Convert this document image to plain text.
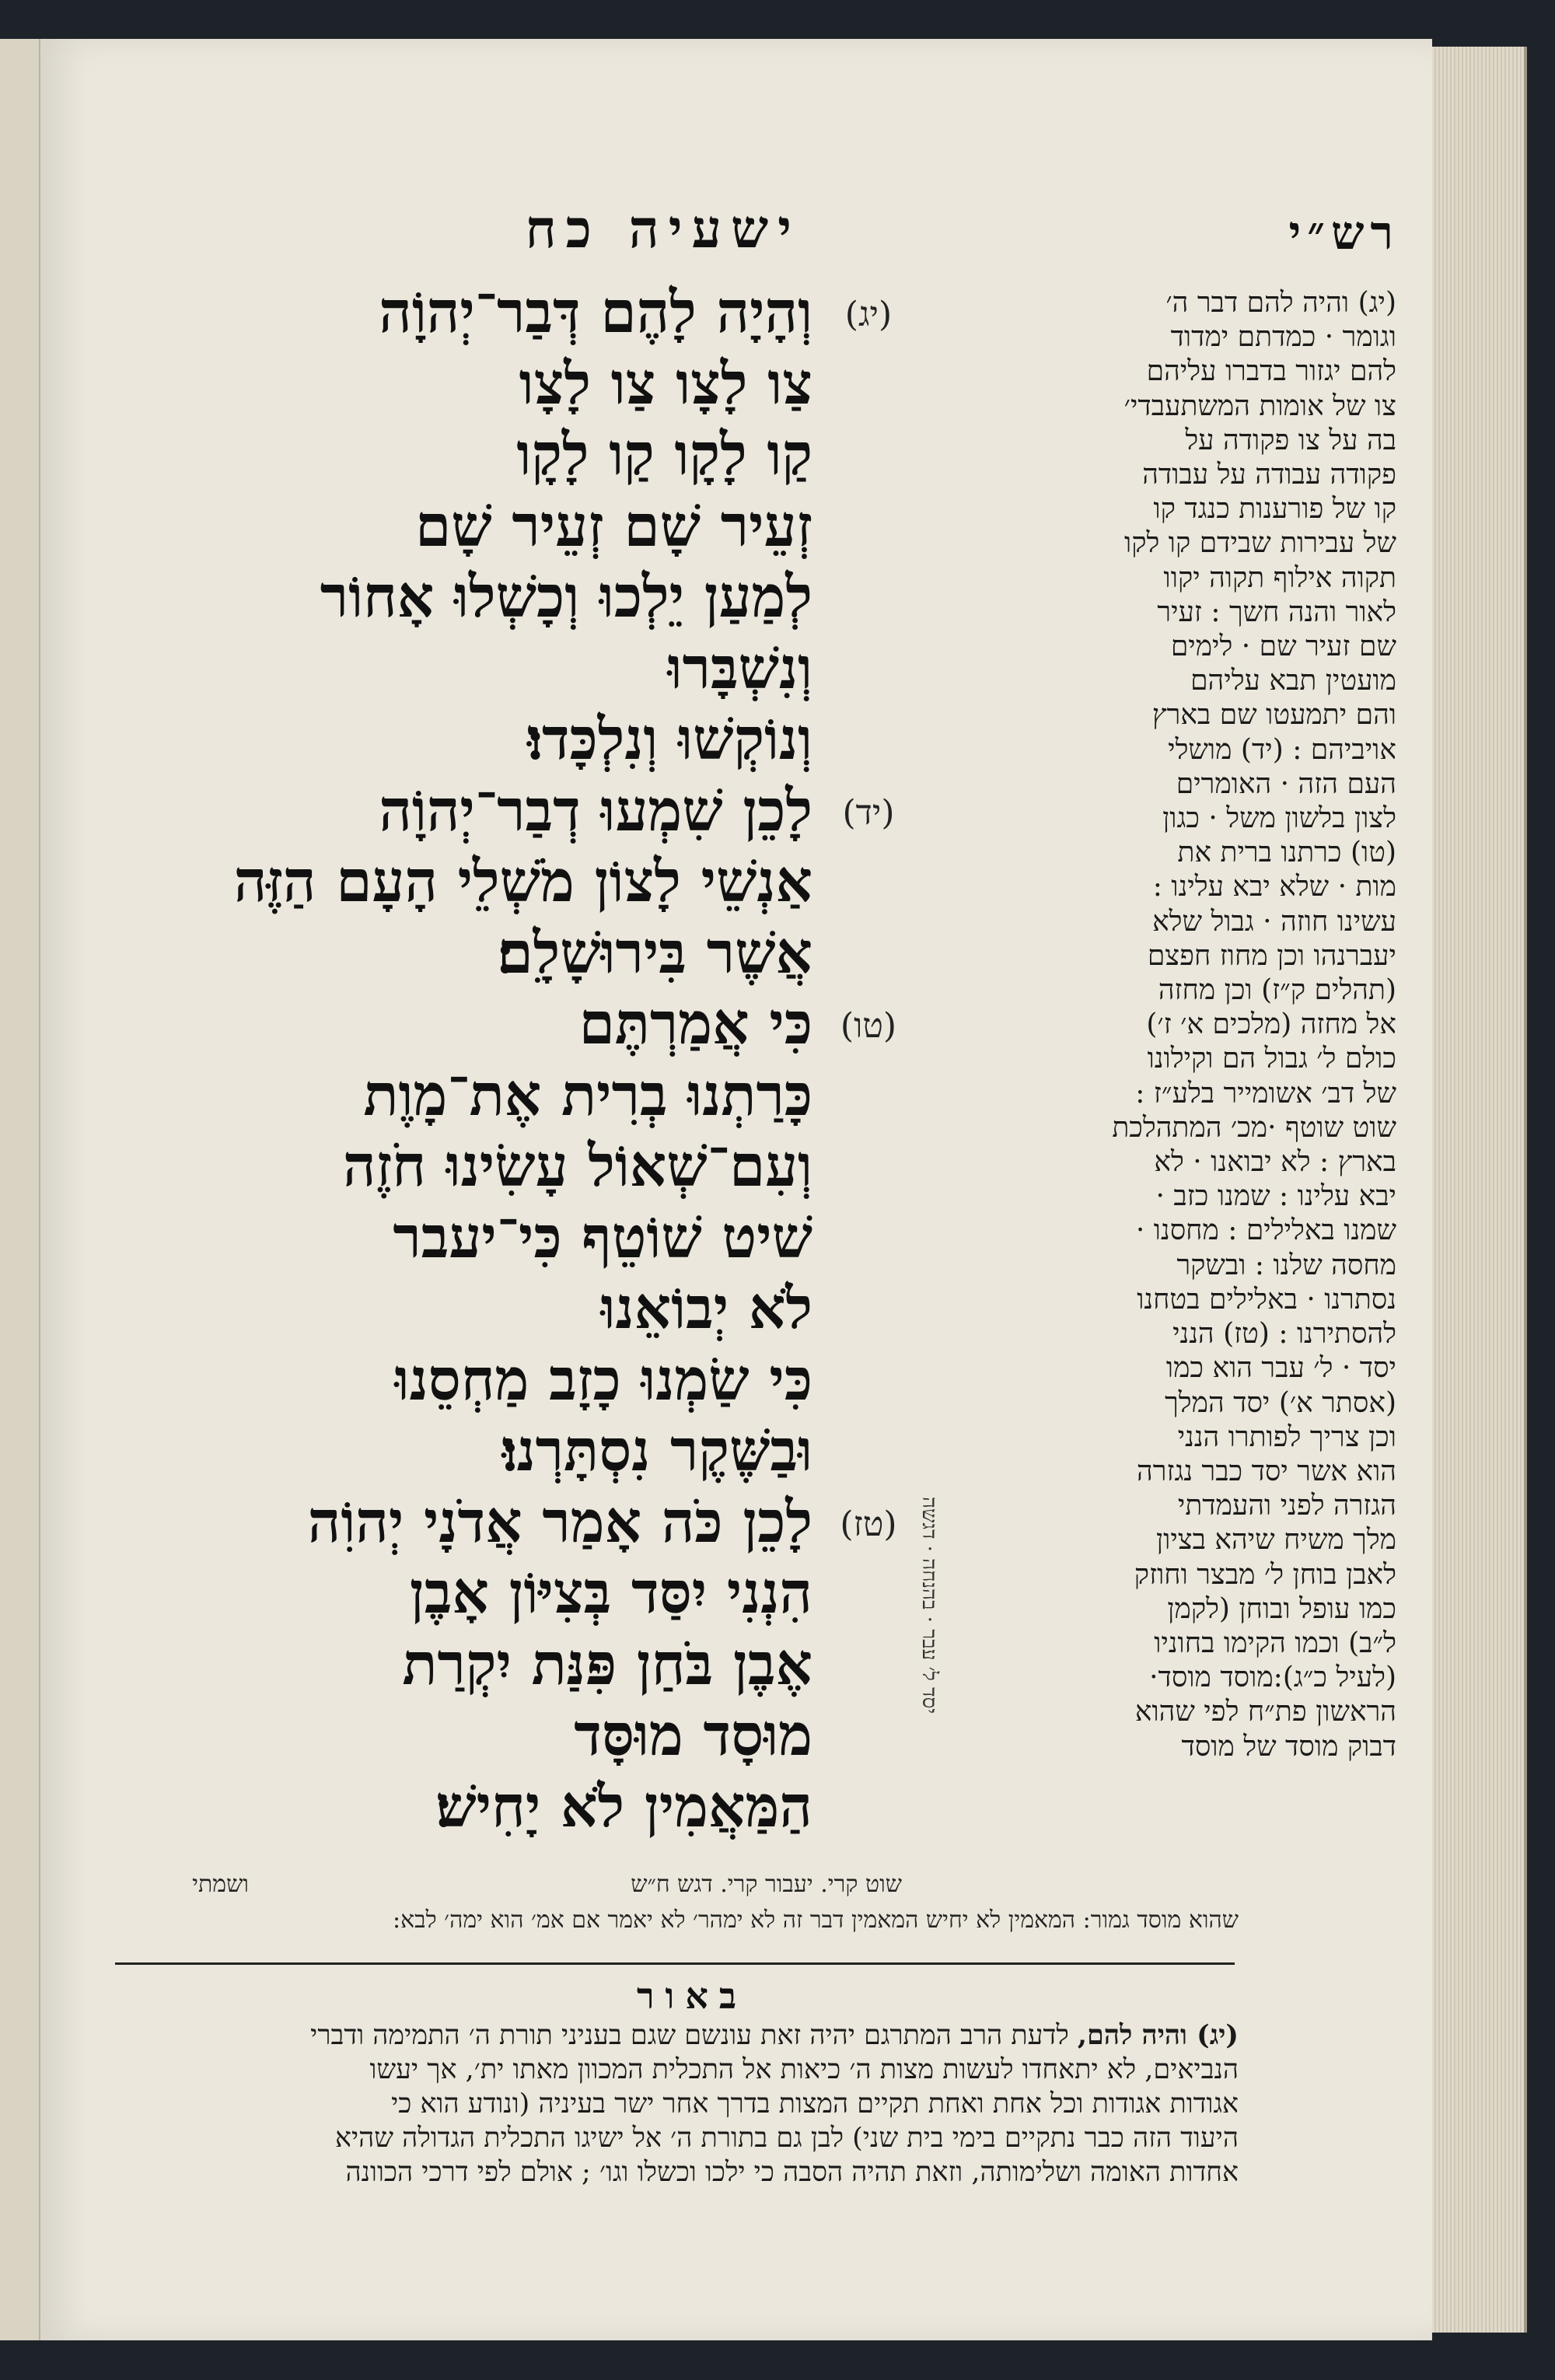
רש״י
ישעיה כח
וְהָיָה לָהֶם דְּבַר־יְהוָֹה (יג)
צַו לָצָו צַו לָצָו
קַו לָקָו קַו לָקָו
זְעֵיר שָׁם זְעֵיר שָׁם
לְמַעַן יֵלְכוּ וְכָשְׁלוּ אָחוֹר
וְנִשְׁבָּרוּ
וְנוֹקְשׁוּ וְנִלְכָּדוּ׃
לָכֵן שִׁמְעוּ דְבַר־יְהוָֹה (יד)
אַנְשֵׁי לָצוֹן מֹשְׁלֵי הָעָם הַזֶּה
אֲשֶׁר בִּירוּשָׁלִָם׃
כִּי אֲמַרְתֶּם (טו)
כָּרַתְנוּ בְרִית אֶת־מָוֶת
וְעִם־שְׁאוֹל עָשִׂינוּ חֹזֶה
שׁיט שׁוֹטֵף כִּי־יעבר
לֹא יְבוֹאֵנוּ
כִּי שַׂמְנוּ כָזָב מַחְסֵנוּ
וּבַשֶּׁקֶר נִסְתָּרְנוּ׃
לָכֵן כֹּה אָמַר אֲדֹנָי יְהוִֹה (טז)
הִנְנִי יִסַּד בְּצִיּוֹן אָבֶן
אֶבֶן בֹּחַן פִּנַּת יִקְרַת
מוּסָד מוּסָּד
הַמַּאֲמִין לֹא יָחִישׁ׃
(יג) והיה להם דבר ה׳
וגומר · כמדתם ימדוד
להם יגזור בדברו עליהם
צו של אומות המשתעבדי׳
בה על צו פקודה על
פקודה עבודה על עבודה
קו של פורענות כנגד קו
של עבירות שבידם קו לקו
תקוה אילוף תקוה יקוו
לאור והנה חשך : זעיר
שם זעיר שם · לימים
מועטין תבא עליהם
והם יתמעטו שם בארץ
אויביהם : (יד) מושלי
העם הזה · האומרים
לצון בלשון משל · כגון
(טו) כרתנו ברית את
מות · שלא יבא עלינו :
עשינו חוזה · גבול שלא
יעברנהו וכן מחוז חפצם
(תהלים ק״ז) וכן מחזה
אל מחזה (מלכים א׳ ז׳)
כולם ל׳ גבול הם וקילונו
של דב׳ אשומייר בלע״ז :
שוט שוטף ·מכ׳ המתהלכת
בארץ : לא יבואנו · לא
יבא עלינו : שמנו כזב ·
שמנו באלילים : מחסנו ·
מחסה שלנו : ובשקר
נסתרנו · באלילים בטחנו
להסתירנו : (טז) הנני
יסד · ל׳ עבר הוא כמו
(אסתר א׳) יסד המלך
וכן צריך לפותרו הנני
הוא אשר יסד כבר נגזרה
הגזרה לפני והעמדתי
מלך משיח שיהא בציון
לאבן בוחן ל׳ מבצר וחוזק
כמו עופל ובוחן (לקמן
ל״ב) וכמו הקימו בחוניו
(לעיל כ״ג):מוסד מוסד·
הראשון פת״ח לפי שהוא
דבוק מוסד של מוסד
יסד ל׳ עבר · בהנחה · דגשה
שוט קרי. יעבור קרי. דגש ח״ש
ושמתי
שהוא מוסד גמור: המאמין לא יחיש המאמין דבר זה לא ימהר׳ לא יאמר אם אמ׳ הוא ימה׳ לבא:
באור
(יג) והיה להם, לדעת הרב המתרגם יהיה זאת עונשם שגם בעניני תורת ה׳ התמימה ודברי
הנביאים, לא יתאחדו לעשות מצות ה׳ כיאות אל התכלית המכוון מאתו ית׳, אך יעשו
אגודות אגודות וכל אחת ואחת תקיים המצות בדרך אחר ישר בעיניה (ונודע הוא כי
היעוד הזה כבר נתקיים בימי בית שני) לבן גם בתורת ה׳ אל ישיגו התכלית הגדולה שהיא
אחדות האומה ושלימותה, וזאת תהיה הסבה כי ילכו וכשלו וגו׳ ; אולם לפי דרכי הכוונה
